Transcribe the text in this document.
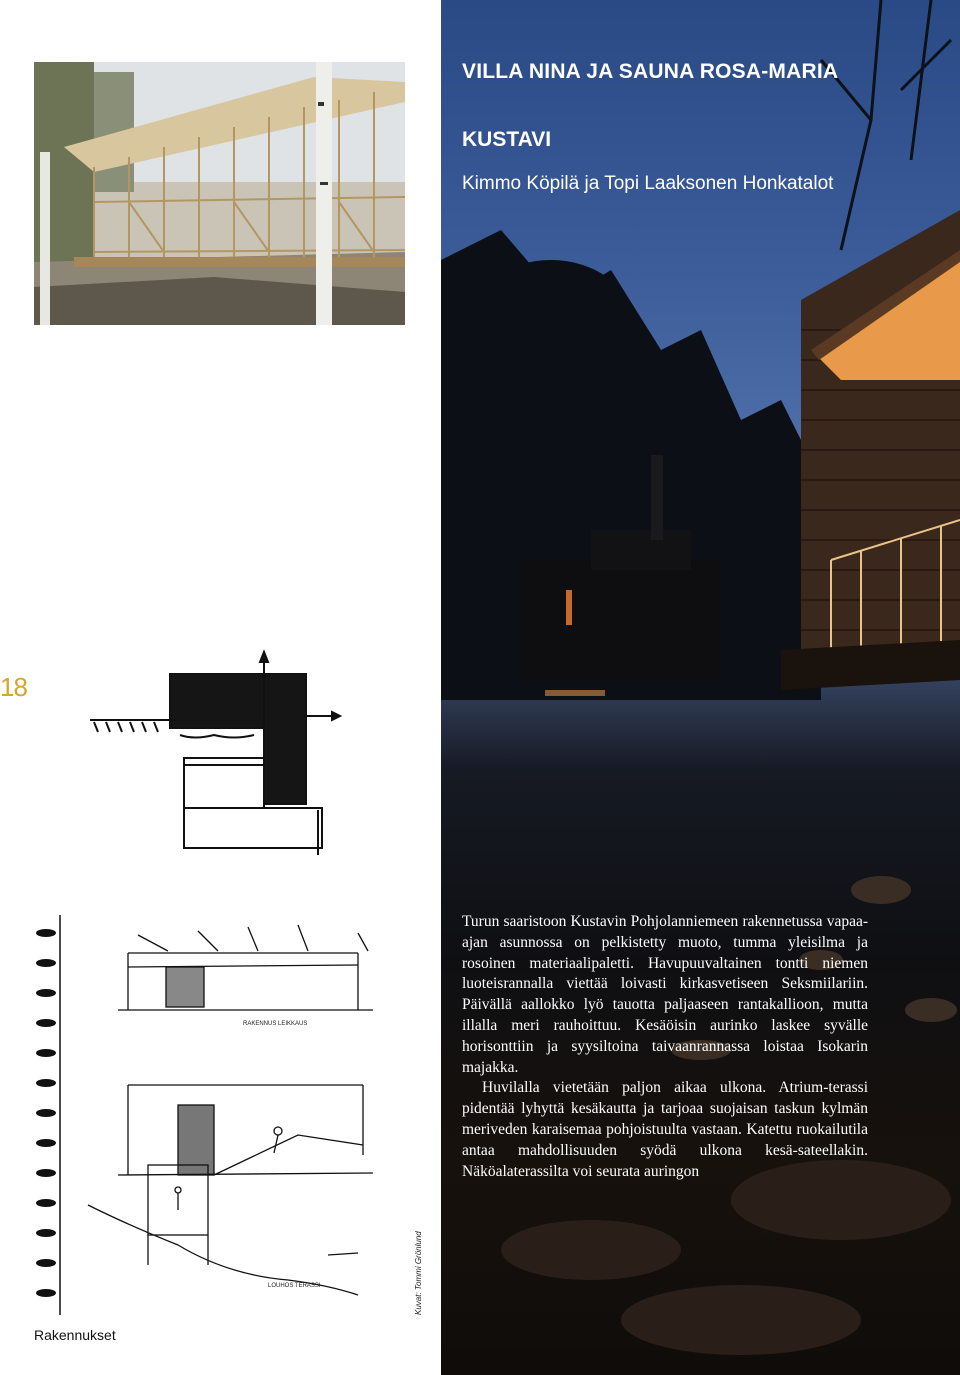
18
RAKENNUS LEIKKAUS
LOUHOS TERASSI	Kuvat: Tommi Grönlund
Rakennukset
VILLA NINA JA SAUNA ROSA-MARIA
KUSTAVI
Kimmo Köpilä ja Topi Laaksonen Honkatalot

Turun saaristoon Kustavin Pohjolanniemeen rakennetussa vapaa-ajan asunnossa on pelkistetty muoto, tumma yleisilma ja rosoinen materiaalipaletti. Havupuuvaltainen tontti niemen luoteisrannalla viettää loivasti kirkasvetiseen Seksmiilariin. Päivällä aallokko lyö tauotta paljaaseen rantakallioon, mutta illalla meri rauhoittuu. Kesäöisin aurinko laskee syvälle horisonttiin ja syysiltoina taivaanrannassa loistaa Isokarin majakka.

Huvilalla vietetään paljon aikaa ulkona. Atrium-terassi pidentää lyhyttä kesäkautta ja tarjoaa suojaisan taskun kylmän meriveden karaisemaa pohjoistuulta vastaan. Katettu ruokailutila antaa mahdollisuuden syödä ulkona kesä-sateellakin. Näköalaterassilta voi seurata auringon
